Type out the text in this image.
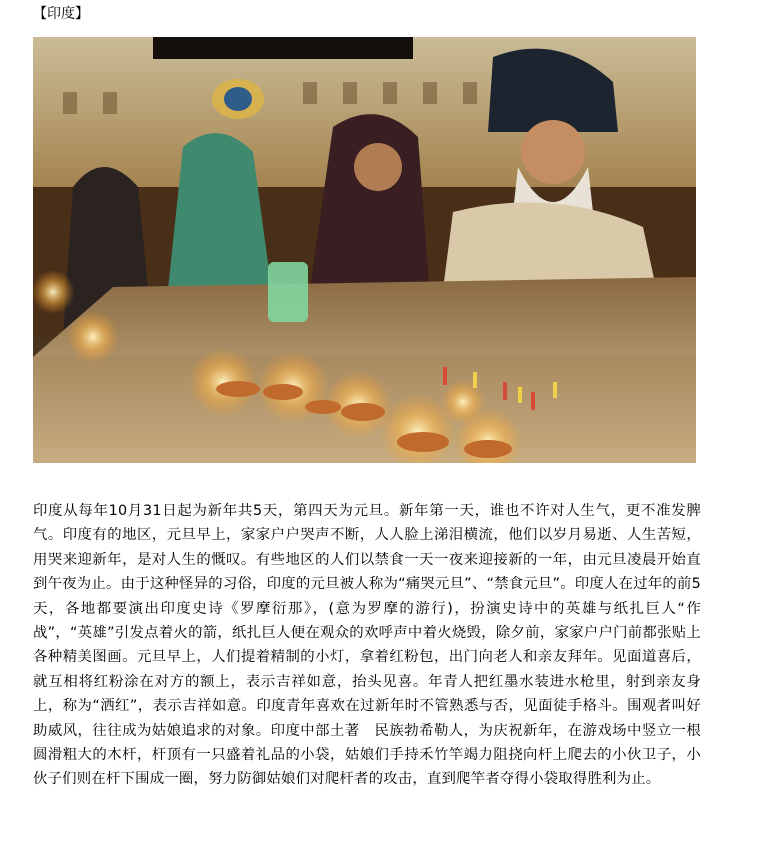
【印度】

印度从每年10月31日起为新年共5天，第四天为元旦。新年第一天，谁也不许对人生气，更不准发脾气。印度有的地区，元旦早上，家家户户哭声不断，人人脸上涕泪横流，他们以岁月易逝、人生苦短，用哭来迎新年，是对人生的慨叹。有些地区的人们以禁食一天一夜来迎接新的一年，由元旦凌晨开始直到午夜为止。由于这种怪异的习俗，印度的元旦被人称为“痛哭元旦”、“禁食元旦”。印度人在过年的前5天，各地都要演出印度史诗《罗摩衍那》，(意为罗摩的游行)，扮演史诗中的英雄与纸扎巨人“作战”，“英雄”引发点着火的箭，纸扎巨人便在观众的欢呼声中着火烧毁，除夕前，家家户户门前都张贴上各种精美图画。元旦早上，人们提着精制的小灯，拿着红粉包，出门向老人和亲友拜年。见面道喜后，就互相将红粉涂在对方的额上，表示吉祥如意，抬头见喜。年青人把红墨水装进水枪里，射到亲友身上，称为“洒红”，表示吉祥如意。印度青年喜欢在过新年时不管熟悉与否，见面徒手格斗。围观者叫好助威风，往往成为姑娘追求的对象。印度中部土著　民族勃希勒人，为庆祝新年，在游戏场中竖立一根圆滑粗大的木杆，杆顶有一只盛着礼品的小袋，姑娘们手持禾竹竿竭力阻挠向杆上爬去的小伙卫子，小伙子们则在杆下围成一圈，努力防御姑娘们对爬杆者的攻击，直到爬竿者夺得小袋取得胜利为止。
